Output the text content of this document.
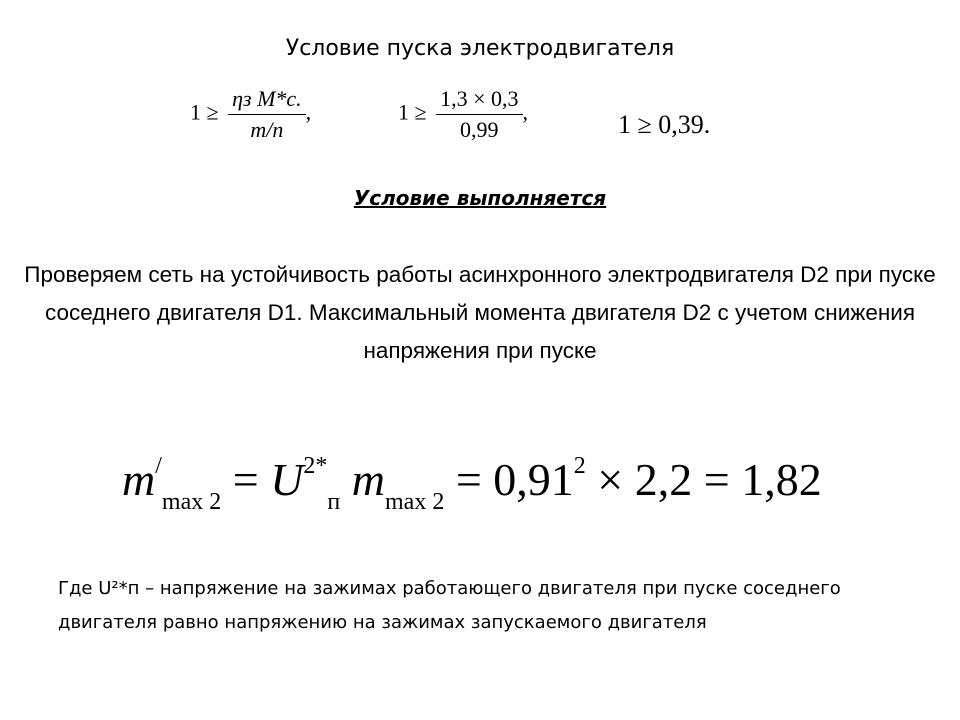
Условие пуска электродвигателя
$1 \ge \frac{\text{ηз M*с.}}{m/п}$ ,	$1 \ge \frac{1,3 \times 0,3}{0,99}$ ,	1 ≥ 0,39.
Условие выполняется
Проверяем сеть на устойчивость работы асинхронного электродвигателя D2 при пуске соседнего двигателя D1. Максимальный момента двигателя D2 с учетом снижения напряжения при пуске
$m^/_{max 2} = U^{2*}_п$ $m_{max 2} = 0,91^2 \times 2,2 = 1,82$
Где U²*п – напряжение на зажимах работающего двигателя при пуске соседнего двигателя равно напряжению на зажимах запускаемого двигателя
